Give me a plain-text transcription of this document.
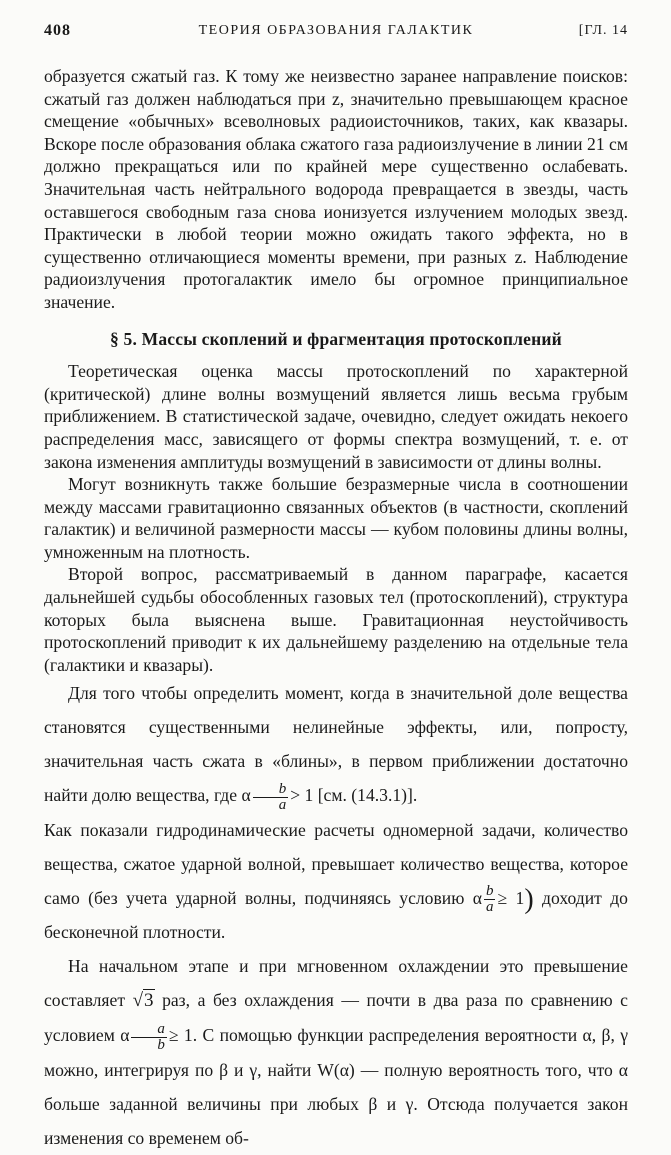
408	ТЕОРИЯ ОБРАЗОВАНИЯ ГАЛАКТИК	[ГЛ. 14

образуется сжатый газ. К тому же неизвестно заранее направление поисков: сжатый газ должен наблюдаться при z, значительно превышающем красное смещение «обычных» всеволновых радиоисточников, таких, как квазары. Вскоре после образования облака сжатого газа радиоизлучение в линии 21 см должно прекращаться или по крайней мере существенно ослабевать. Значительная часть нейтрального водорода превращается в звезды, часть оставшегося свободным газа снова ионизуется излучением молодых звезд. Практически в любой теории можно ожидать такого эффекта, но в существенно отличающиеся моменты времени, при разных z. Наблюдение радиоизлучения протогалактик имело бы огромное принципиальное значение.

§ 5. Массы скоплений и фрагментация протоскоплений

Теоретическая оценка массы протоскоплений по характерной (критической) длине волны возмущений является лишь весьма грубым приближением. В статистической задаче, очевидно, следует ожидать некоего распределения масс, зависящего от формы спектра возмущений, т. е. от закона изменения амплитуды возмущений в зависимости от длины волны.

Могут возникнуть также большие безразмерные числа в соотношении между массами гравитационно связанных объектов (в частности, скоплений галактик) и величиной размерности массы — кубом половины длины волны, умноженным на плотность.

Второй вопрос, рассматриваемый в данном параграфе, касается дальнейшей судьбы обособленных газовых тел (протоскоплений), структура которых была выяснена выше. Гравитационная неустойчивость протоскоплений приводит к их дальнейшему разделению на отдельные тела (галактики и квазары).

Для того чтобы определить момент, когда в значительной доле вещества становятся существенными нелинейные эффекты, или, попросту, значительная часть сжата в «блины», в первом приближении достаточно найти долю вещества, где α $\frac{b}{a} > 1$ [см. (14.3.1)].

Как показали гидродинамические расчеты одномерной задачи, количество вещества, сжатое ударной волной, превышает количество вещества, которое само (без учета ударной волны, подчиняясь условию α $\frac{b}{a} \ge 1$) доходит до бесконечной плотности.

На начальном этапе и при мгновенном охлаждении это превышение составляет √3 раз, а без охлаждения — почти в два раза по сравнению с условием α $\frac{a}{b} \ge 1$. С помощью функции распределения вероятности α, β, γ можно, интегрируя по β и γ, найти W(α) — полную вероятность того, что α больше заданной величины при любых β и γ. Отсюда получается закон изменения со временем об-
